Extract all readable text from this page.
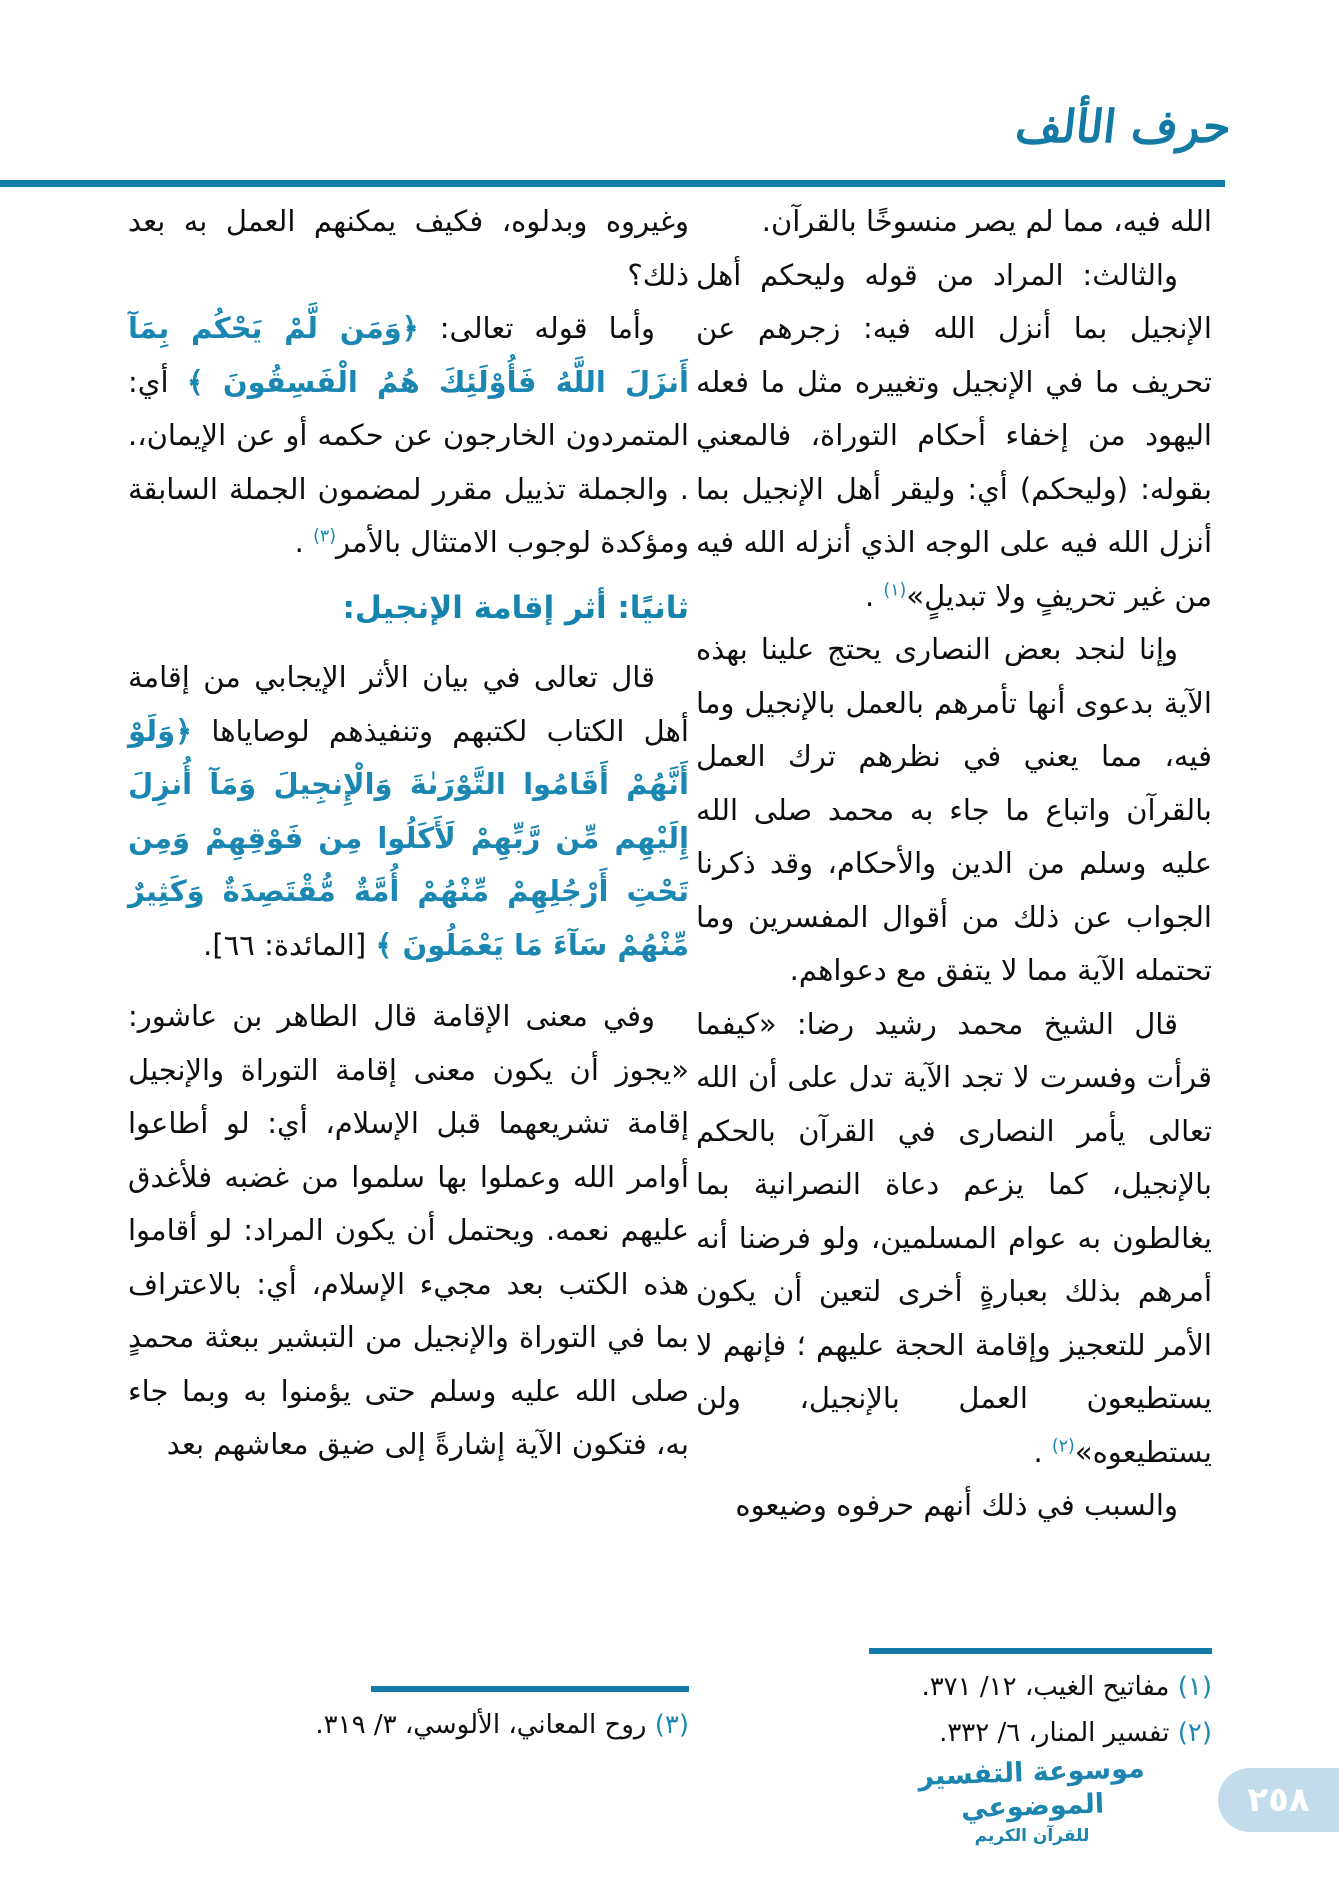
حرف الألف
الله فيه، مما لم يصر منسوخًا بالقرآن.
والثالث: المراد من قوله وليحكم أهل الإنجيل بما أنزل الله فيه: زجرهم عن تحريف ما في الإنجيل وتغييره مثل ما فعله اليهود من إخفاء أحكام التوراة، فالمعني بقوله: (وليحكم) أي: وليقر أهل الإنجيل بما أنزل الله فيه على الوجه الذي أنزله الله فيه من غير تحريفٍ ولا تبديلٍ»$^{(١)}$ .
وإنا لنجد بعض النصارى يحتج علينا بهذه الآية بدعوى أنها تأمرهم بالعمل بالإنجيل وما فيه، مما يعني في نظرهم ترك العمل بالقرآن واتباع ما جاء به محمد صلى الله عليه وسلم من الدين والأحكام، وقد ذكرنا الجواب عن ذلك من أقوال المفسرين وما تحتمله الآية مما لا يتفق مع دعواهم.
قال الشيخ محمد رشيد رضا: «كيفما قرأت وفسرت لا تجد الآية تدل على أن الله تعالى يأمر النصارى في القرآن بالحكم بالإنجيل، كما يزعم دعاة النصرانية بما يغالطون به عوام المسلمين، ولو فرضنا أنه أمرهم بذلك بعبارةٍ أخرى لتعين أن يكون الأمر للتعجيز وإقامة الحجة عليهم ؛ فإنهم لا يستطيعون العمل بالإنجيل، ولن يستطيعوه»$^{(٢)}$ .
والسبب في ذلك أنهم حرفوه وضيعوه
وغيروه وبدلوه، فكيف يمكنهم العمل به بعد ذلك؟
وأما قوله تعالى: ﴿وَمَن لَّمْ يَحْكُم بِمَآ أَنزَلَ اللَّهُ فَأُوْلَئِكَ هُمُ الْفَسِقُونَ ﴾ أي: المتمردون الخارجون عن حكمه أو عن الإيمان،. . والجملة تذييل مقرر لمضمون الجملة السابقة ومؤكدة لوجوب الامتثال بالأمر$^{(٣)}$ .
ثانيًا: أثر إقامة الإنجيل:
قال تعالى في بيان الأثر الإيجابي من إقامة أهل الكتاب لكتبهم وتنفيذهم لوصاياها ﴿وَلَوْ أَنَّهُمْ أَقَامُوا التَّوْرَىٰةَ وَالْإِنجِيلَ وَمَآ أُنزِلَ إِلَيْهِم مِّن رَّبِّهِمْ لَأَكَلُوا مِن فَوْقِهِمْ وَمِن تَحْتِ أَرْجُلِهِمْ مِّنْهُمْ أُمَّةٌ مُّقْتَصِدَةٌ وَكَثِيرٌ مِّنْهُمْ سَآءَ مَا يَعْمَلُونَ ﴾ [المائدة: ٦٦].
وفي معنى الإقامة قال الطاهر بن عاشور: «يجوز أن يكون معنى إقامة التوراة والإنجيل إقامة تشريعهما قبل الإسلام، أي: لو أطاعوا أوامر الله وعملوا بها سلموا من غضبه فلأغدق عليهم نعمه. ويحتمل أن يكون المراد: لو أقاموا هذه الكتب بعد مجيء الإسلام، أي: بالاعتراف بما في التوراة والإنجيل من التبشير ببعثة محمدٍ صلى الله عليه وسلم حتى يؤمنوا به وبما جاء به، فتكون الآية إشارةً إلى ضيق معاشهم بعد
(١) مفاتيح الغيب، ١٢/ ٣٧١.
(٢) تفسير المنار، ٦/ ٣٣٢.
(٣) روح المعاني، الألوسي، ٣/ ٣١٩.
موسوعة التفسير الموضوعي
للقرآن الكريم
٢٥٨
